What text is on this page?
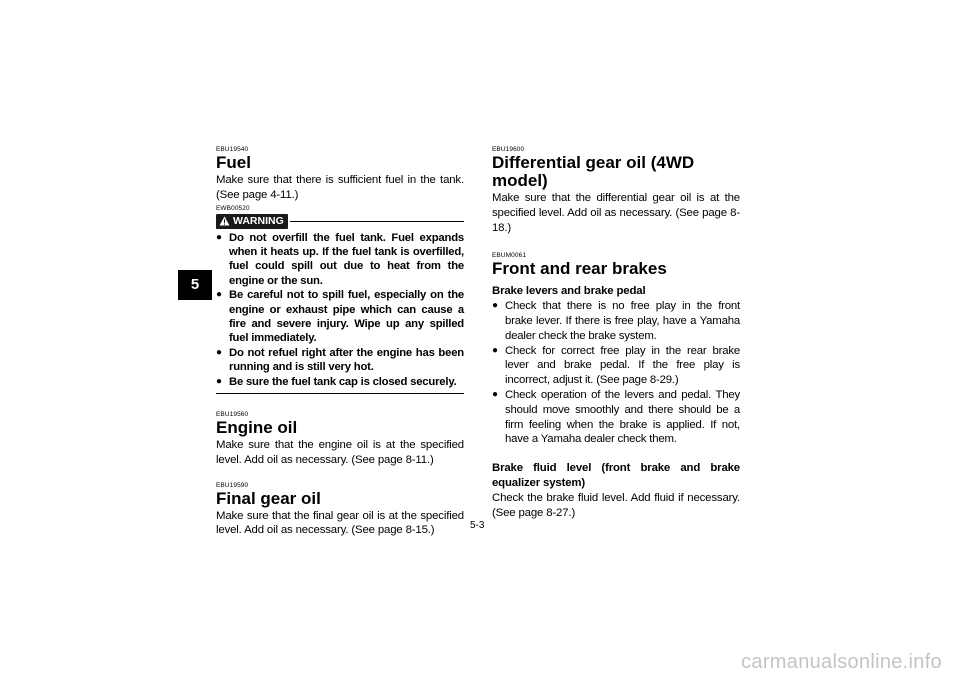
5

EBU19540

Fuel

Make sure that there is sufficient fuel in the tank. (See page 4-11.)

EWB00520

WARNING
● Do not overfill the fuel tank. Fuel expands when it heats up. If the fuel tank is overfilled, fuel could spill out due to heat from the engine or the sun.
● Be careful not to spill fuel, especially on the engine or exhaust pipe which can cause a fire and severe injury. Wipe up any spilled fuel immediately.
● Do not refuel right after the engine has been running and is still very hot.
● Be sure the fuel tank cap is closed securely.

EBU19560

Engine oil

Make sure that the engine oil is at the specified level. Add oil as necessary. (See page 8-11.)

EBU19590

Final gear oil

Make sure that the final gear oil is at the specified level. Add oil as necessary. (See page 8-15.)

EBU19600

Differential gear oil (4WD model)

Make sure that the differential gear oil is at the specified level. Add oil as necessary. (See page 8-18.)

EBUM0061

Front and rear brakes

Brake levers and brake pedal

● Check that there is no free play in the front brake lever. If there is free play, have a Yamaha dealer check the brake system.
● Check for correct free play in the rear brake lever and brake pedal. If the free play is incorrect, adjust it. (See page 8-29.)
● Check operation of the levers and pedal. They should move smoothly and there should be a firm feeling when the brake is applied. If not, have a Yamaha dealer check them.

Brake fluid level (front brake and brake equalizer system)

Check the brake fluid level. Add fluid if necessary. (See page 8-27.)

5-3
carmanualsonline.info
